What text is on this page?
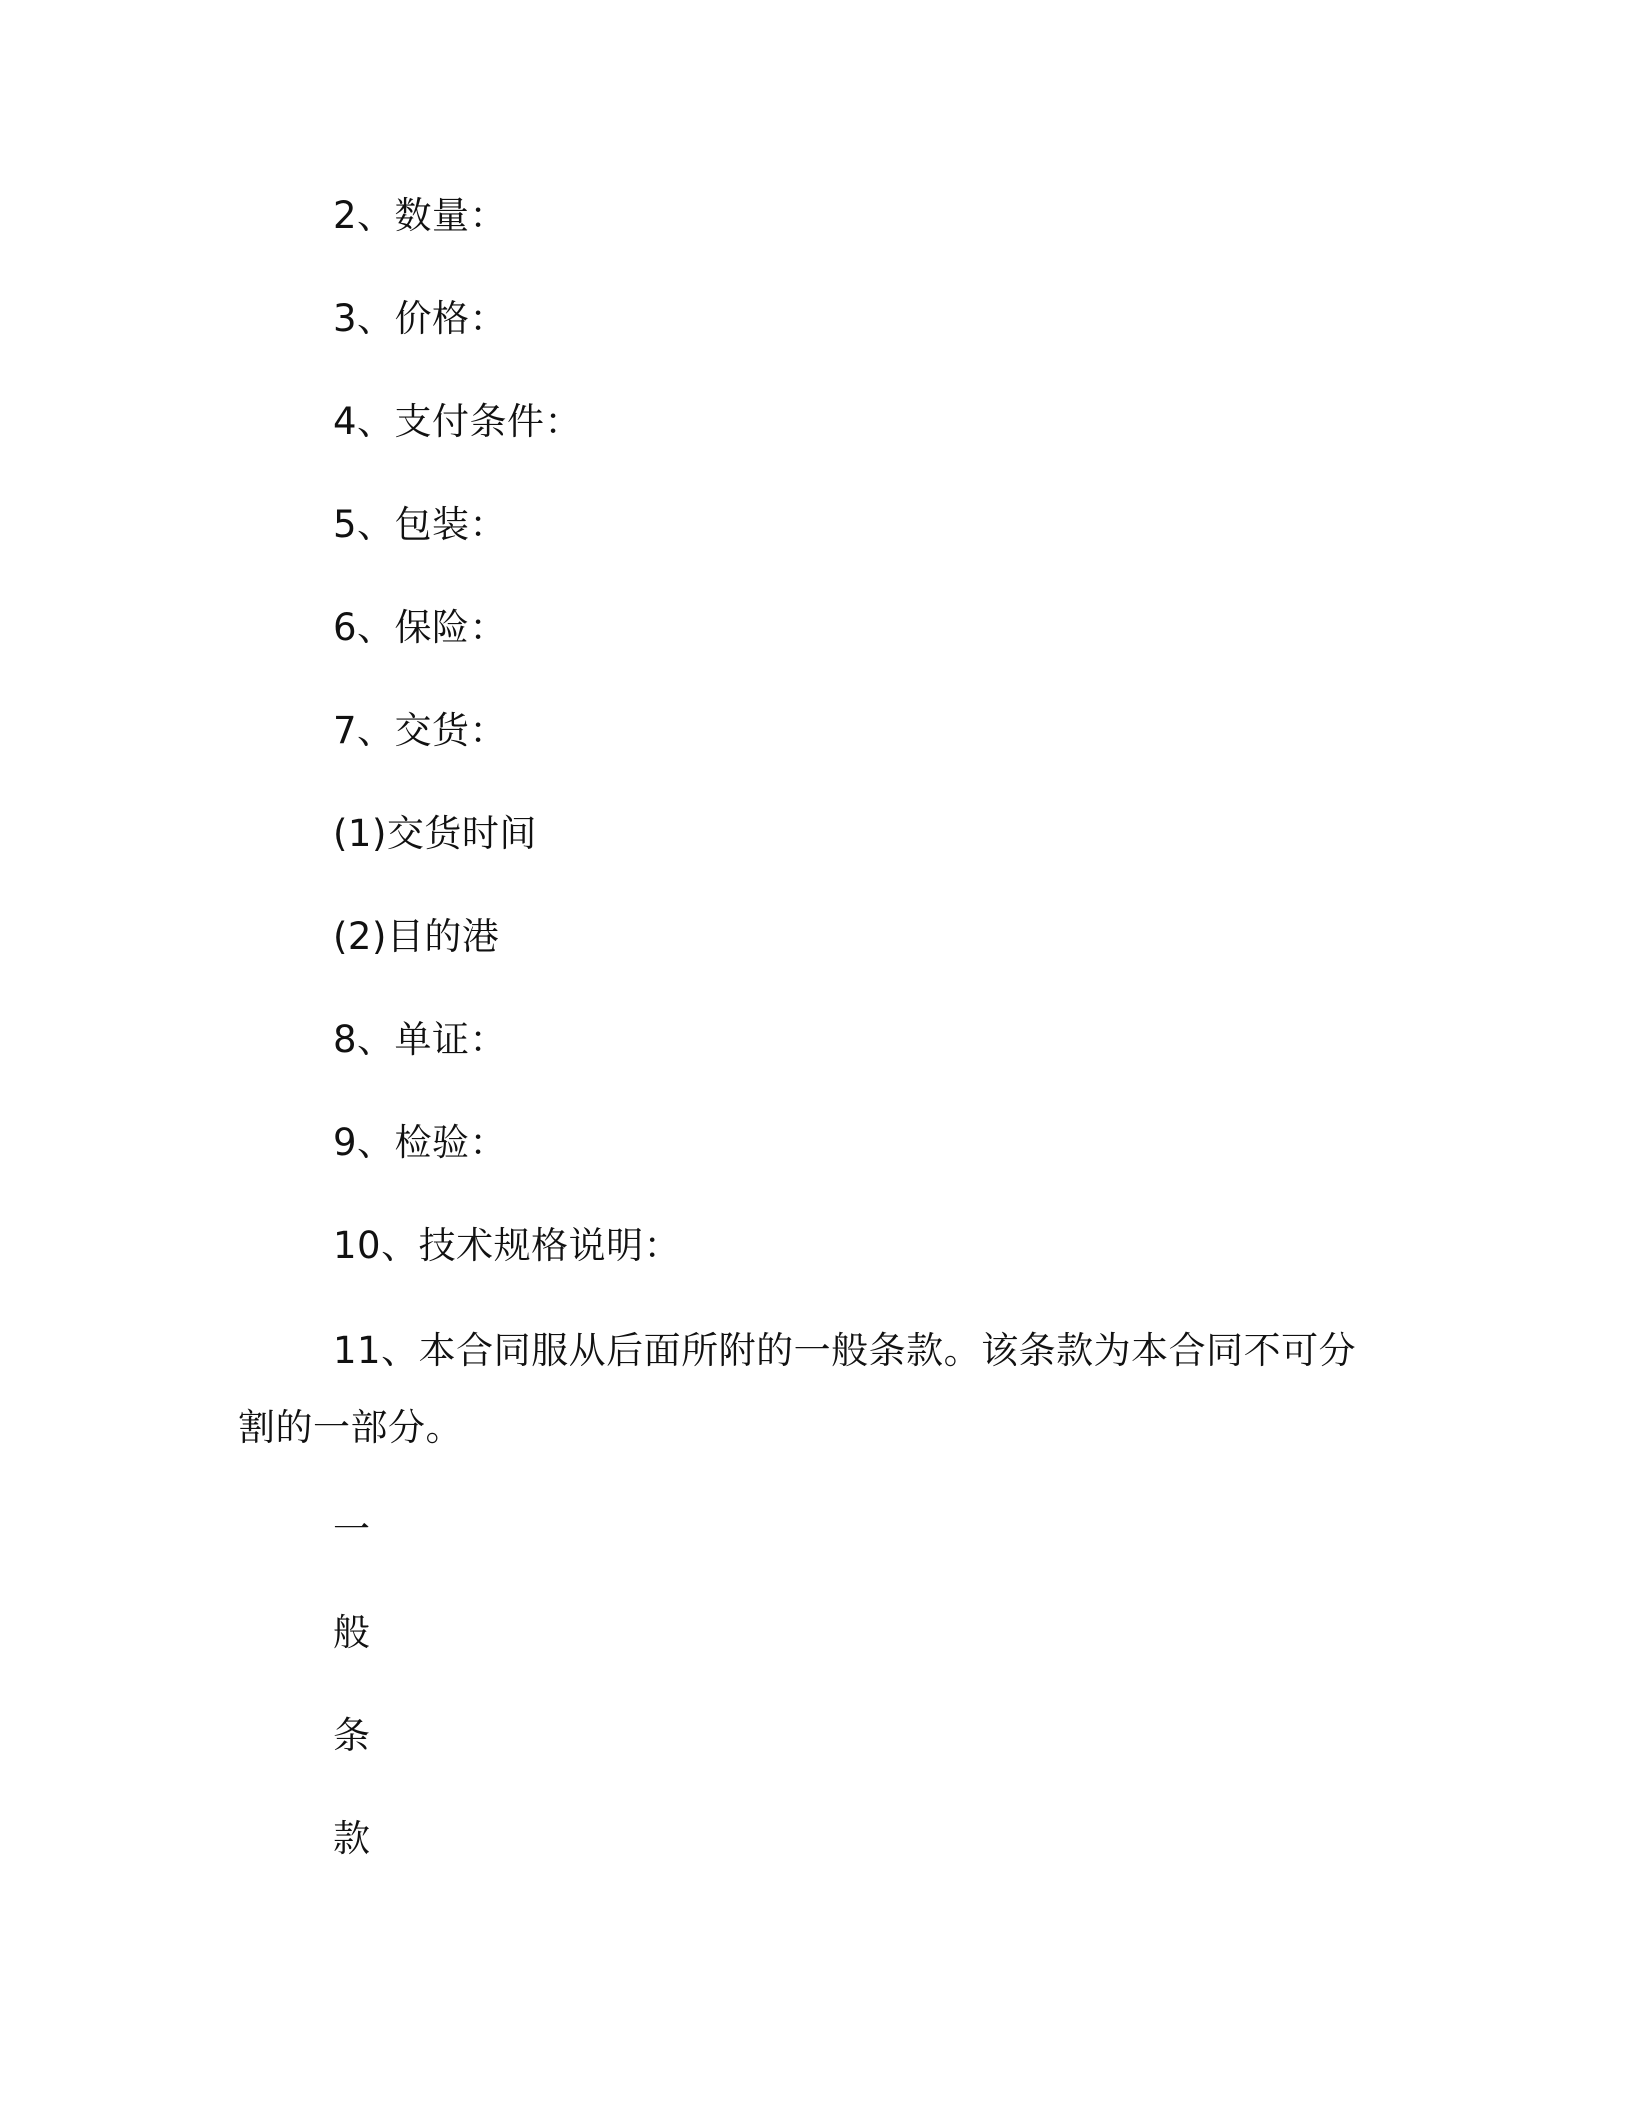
2、数量：
3、价格：
4、支付条件：
5、包装：
6、保险：
7、交货：
(1)交货时间
(2)目的港
8、单证：
9、检验：
10、技术规格说明：
11、本合同服从后面所附的一般条款。该条款为本合同不可分割的一部分。
一
般
条
款
